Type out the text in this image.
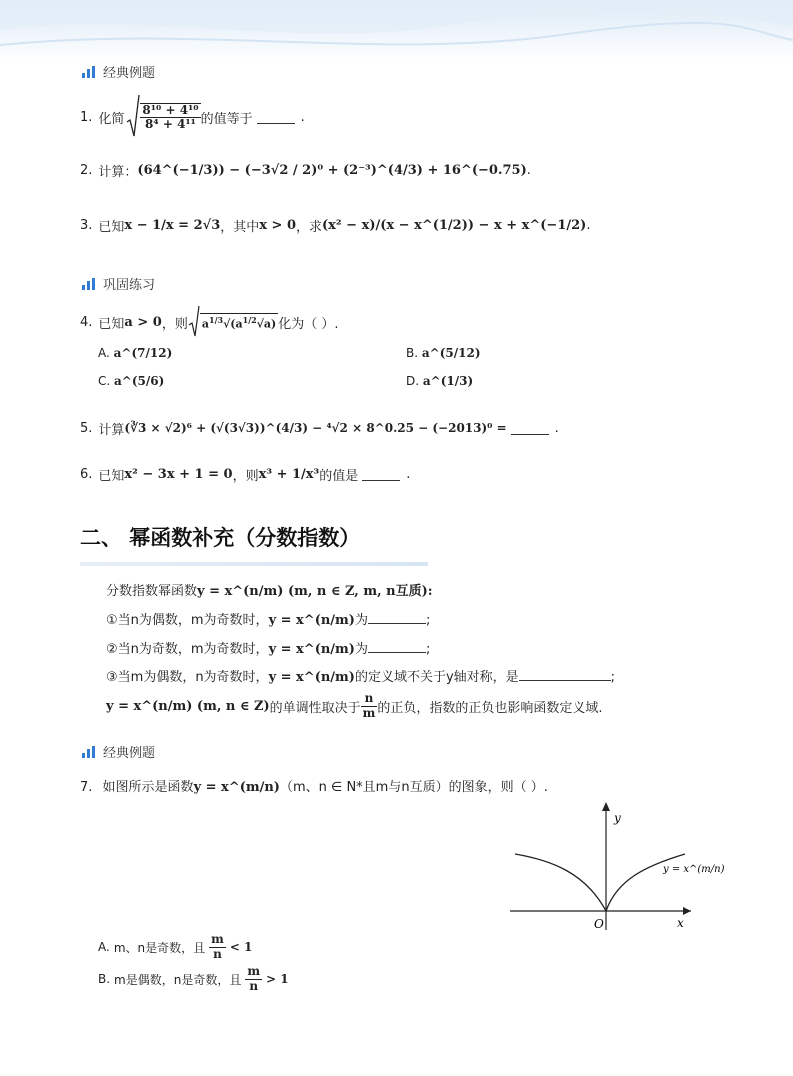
经典例题
1. 化简 $\frac{\text{8¹⁰ + 4¹⁰}}{\text{8⁴ + 4¹¹}}$ 的值等于	.
2. 计算： (64^(−1/3)) − (−3√2 / 2)⁰ + (2⁻³)^(4/3) + 16^(−0.75) .
3. 已知 x − 1/x = 2√3 ，其中 x > 0 ，求 (x² − x)/(x − x^(1/2)) − x + x^(−1/2) .
巩固练习
4. 已知 a > 0 ，则 $a^{1/3}√(a^{1/2}√a)$ 化为（ ）.
A. a^(7/12)	B. a^(5/12)
C. a^(5/6)	D. a^(1/3)
5. 计算 (∛3 × √2)⁶ + (√(3√3))^(4/3) − ⁴√2 × 8^0.25 − (−2013)⁰ =	.
6. 已知 x² − 3x + 1 = 0 ，则 x³ + 1/x³ 的值是	.
二、 幂函数补充（分数指数）
分数指数幂函数y = x^(n/m) (m, n ∈ Z, m, n互质):
①当n为偶数，m为奇数时，y = x^(n/m)为	;
②当n为奇数，m为奇数时，y = x^(n/m)为	;
③当m为偶数，n为奇数时，y = x^(n/m)的定义域不关于y轴对称，是	;
y = x^(n/m) (m, n ∈ Z) 的单调性取决于 $\frac{n}{m}$ 的正负，指数的正负也影响函数定义域.
经典例题
7. 如图所示是函数y = x^(m/n)（m、n ∈ N*且m与n互质）的图象，则（ ）.
y
x
O
y = x^(m/n)
A. m、n是奇数，且 $\frac{m}{n} < 1$
B. m是偶数，n是奇数，且 $\frac{m}{n} > 1$
